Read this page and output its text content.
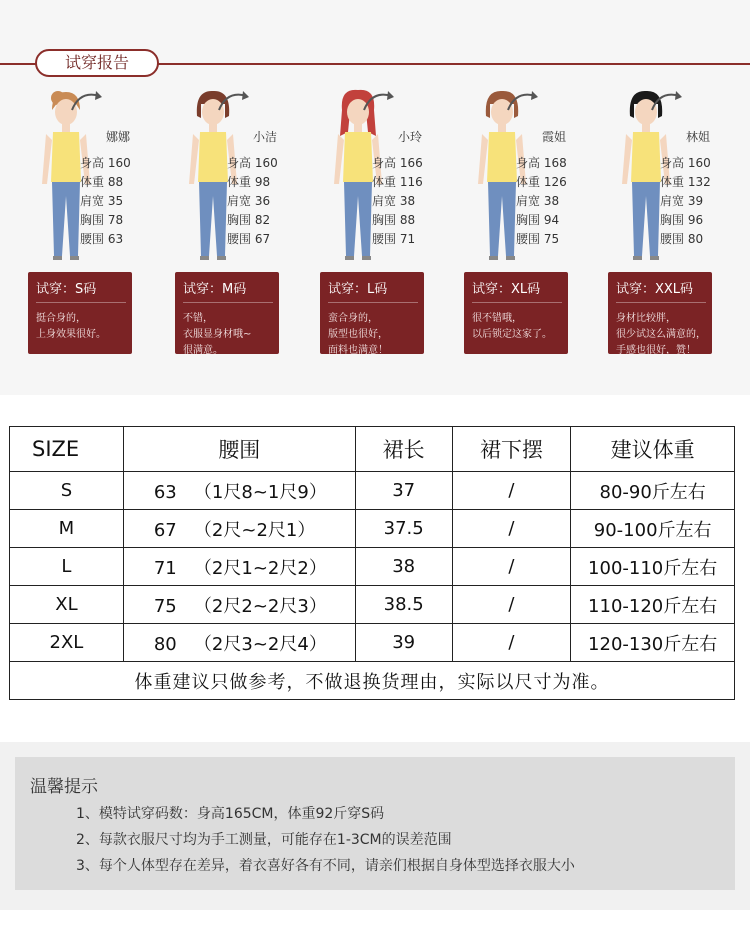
试穿报告
娜娜
身高 160
体重 88
肩宽 35
胸围 78
腰围 63
试穿：S码
挺合身的，
上身效果很好。
小洁
身高 160
体重 98
肩宽 36
胸围 82
腰围 67
试穿：M码
不错，
衣服显身材哦~
很满意。
小玲
身高 166
体重 116
肩宽 38
胸围 88
腰围 71
试穿：L码
蛮合身的，
版型也很好，
面料也满意！
霞姐
身高 168
体重 126
肩宽 38
胸围 94
腰围 75
试穿：XL码
很不错哦，
以后锁定这家了。
林姐
身高 160
体重 132
肩宽 39
胸围 96
腰围 80
试穿：XXL码
身材比较胖，
很少试这么满意的，
手感也很好，赞！
SIZE	腰围	裙长	裙下摆	建议体重
S	63   （1尺8~1尺9）	37	/	80-90斤左右
M	67   （2尺~2尺1）	37.5	/	90-100斤左右
L	71   （2尺1~2尺2）	38	/	100-110斤左右
XL	75   （2尺2~2尺3）	38.5	/	110-120斤左右
2XL	80   （2尺3~2尺4）	39	/	120-130斤左右
体重建议只做参考，不做退换货理由，实际以尺寸为准。				
温馨提示
1、模特试穿码数：身高165CM，体重92斤穿S码
2、每款衣服尺寸均为手工测量，可能存在1-3CM的误差范围
3、每个人体型存在差异，着衣喜好各有不同，请亲们根据自身体型选择衣服大小
